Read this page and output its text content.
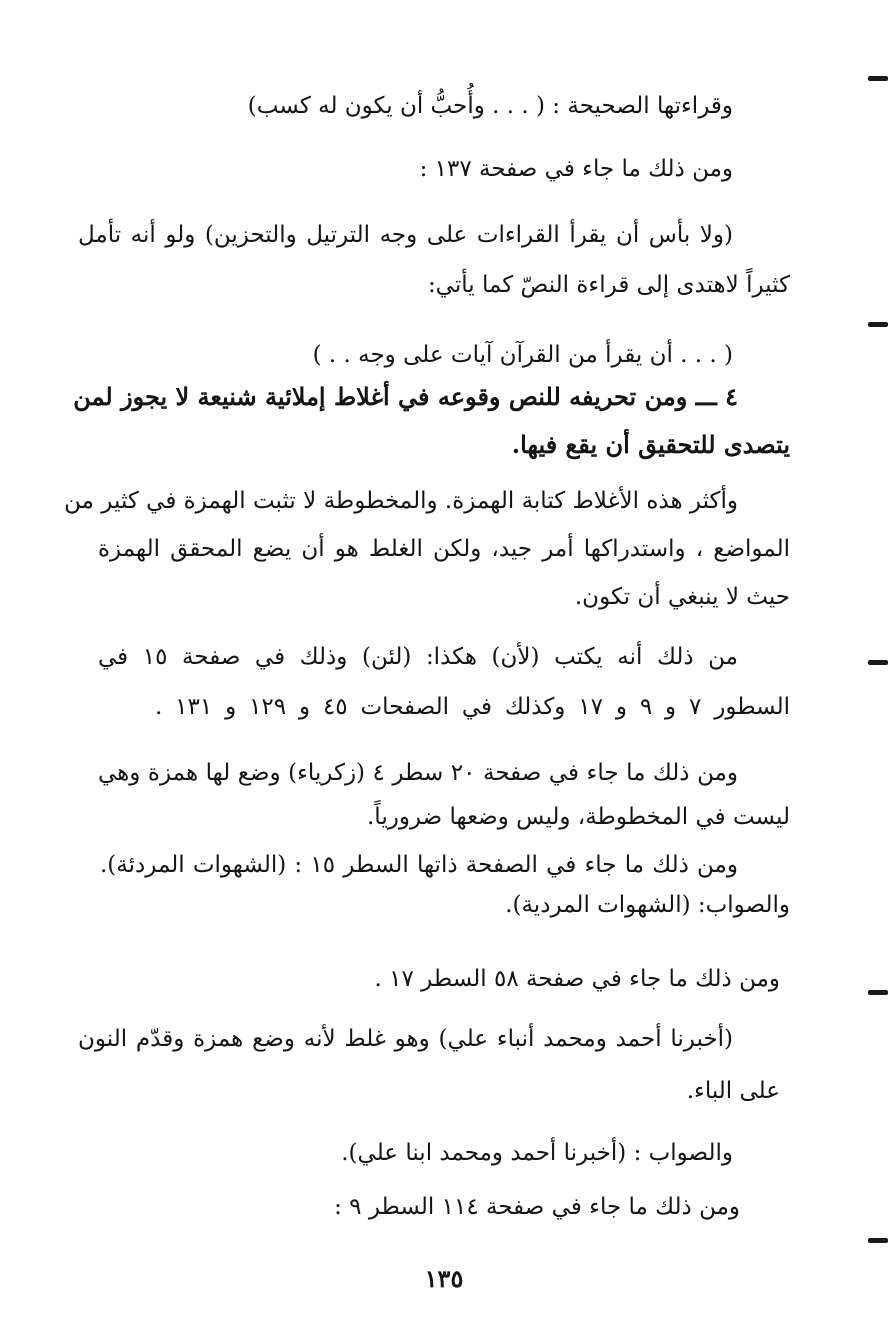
وقراءتها الصحيحة : ( . . . وأُحبُّ أن يكون له كسب)
ومن ذلك ما جاء في صفحة ١٣٧ :
(ولا بأس أن يقرأ القراءات على وجه الترتيل والتحزين) ولو أنه تأمل
كثيراً لاهتدى إلى قراءة النصّ كما يأتي:
( . . . أن يقرأ من القرآن آيات على وجه . . )
٤ ـــ ومن تحريفه للنص وقوعه في أغلاط إملائية شنيعة لا يجوز لمن
يتصدى للتحقيق أن يقع فيها.
وأكثر هذه الأغلاط كتابة الهمزة. والمخطوطة لا تثبت الهمزة في كثير من
المواضع ، واستدراكها أمر جيد، ولكن الغلط هو أن يضع المحقق الهمزة
حيث لا ينبغي أن تكون.
من ذلك أنه يكتب (لأن) هكذا: (لئن) وذلك في صفحة ١٥ في
السطور ٧ و ٩ و ١٧ وكذلك في الصفحات ٤٥ و ١٢٩ و ١٣١ .
ومن ذلك ما جاء في صفحة ٢٠ سطر ٤ (زكرياء) وضع لها همزة وهي
ليست في المخطوطة، وليس وضعها ضرورياً.
ومن ذلك ما جاء في الصفحة ذاتها السطر ١٥ : (الشهوات المردئة).
والصواب: (الشهوات المردية).
ومن ذلك ما جاء في صفحة ٥٨ السطر ١٧ .
(أخبرنا أحمد ومحمد أنباء علي) وهو غلط لأنه وضع همزة وقدّم النون
على الباء.
والصواب : (أخبرنا أحمد ومحمد ابنا علي).
ومن ذلك ما جاء في صفحة ١١٤ السطر ٩ :
١٣٥
